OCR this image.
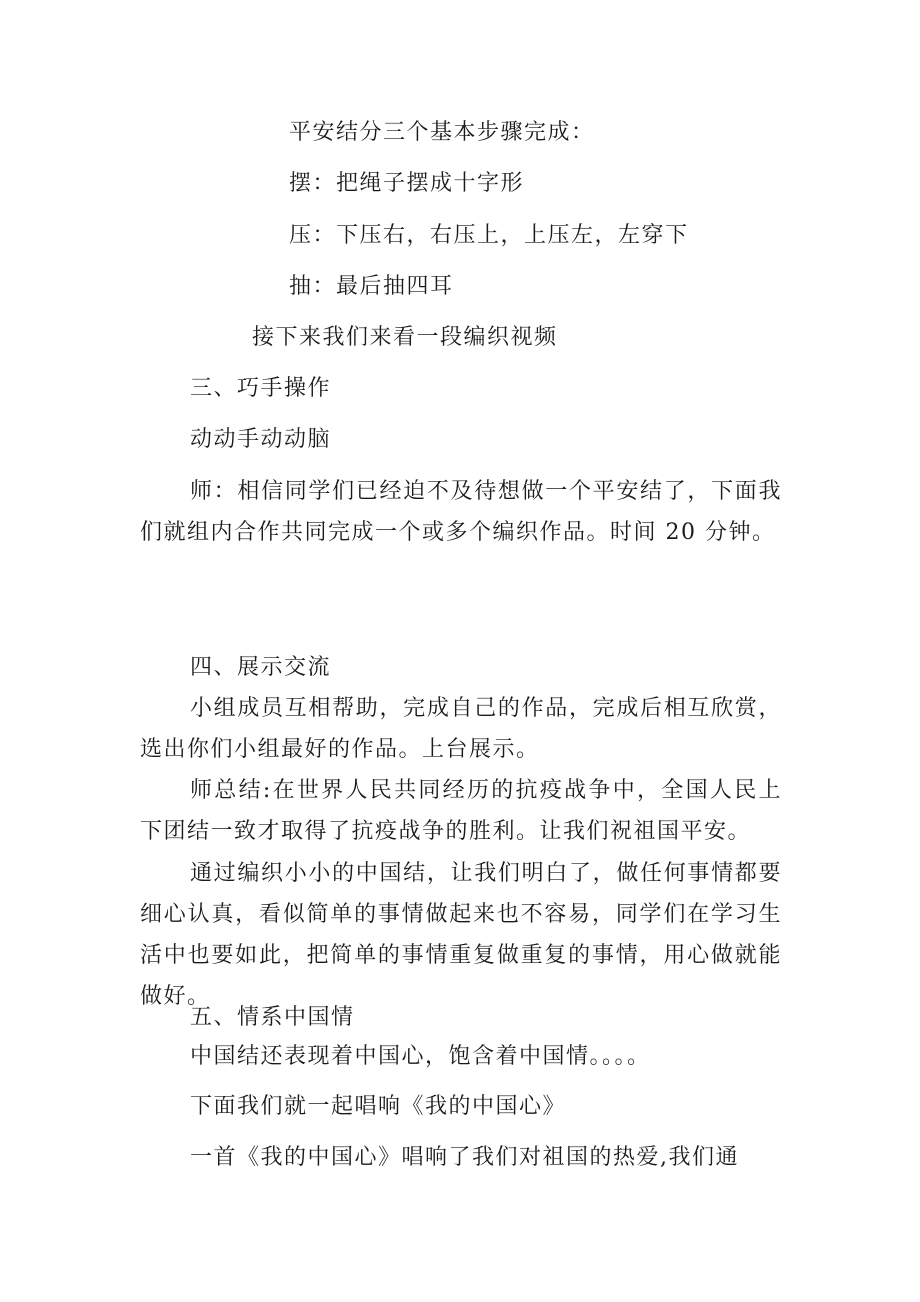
平安结分三个基本步骤完成：
摆：把绳子摆成十字形
压：下压右，右压上，上压左，左穿下
抽：最后抽四耳
接下来我们来看一段编织视频
三、巧手操作
动动手动动脑
师：相信同学们已经迫不及待想做一个平安结了，下面我们就组内合作共同完成一个或多个编织作品。时间 20 分钟。
四、展示交流
小组成员互相帮助，完成自己的作品，完成后相互欣赏，选出你们小组最好的作品。上台展示。
师总结:在世界人民共同经历的抗疫战争中，全国人民上下团结一致才取得了抗疫战争的胜利。让我们祝祖国平安。
通过编织小小的中国结，让我们明白了，做任何事情都要细心认真，看似简单的事情做起来也不容易，同学们在学习生活中也要如此，把简单的事情重复做重复的事情，用心做就能做好。
五、情系中国情
中国结还表现着中国心，饱含着中国情。。。。
下面我们就一起唱响《我的中国心》
一首《我的中国心》唱响了我们对祖国的热爱,我们通
